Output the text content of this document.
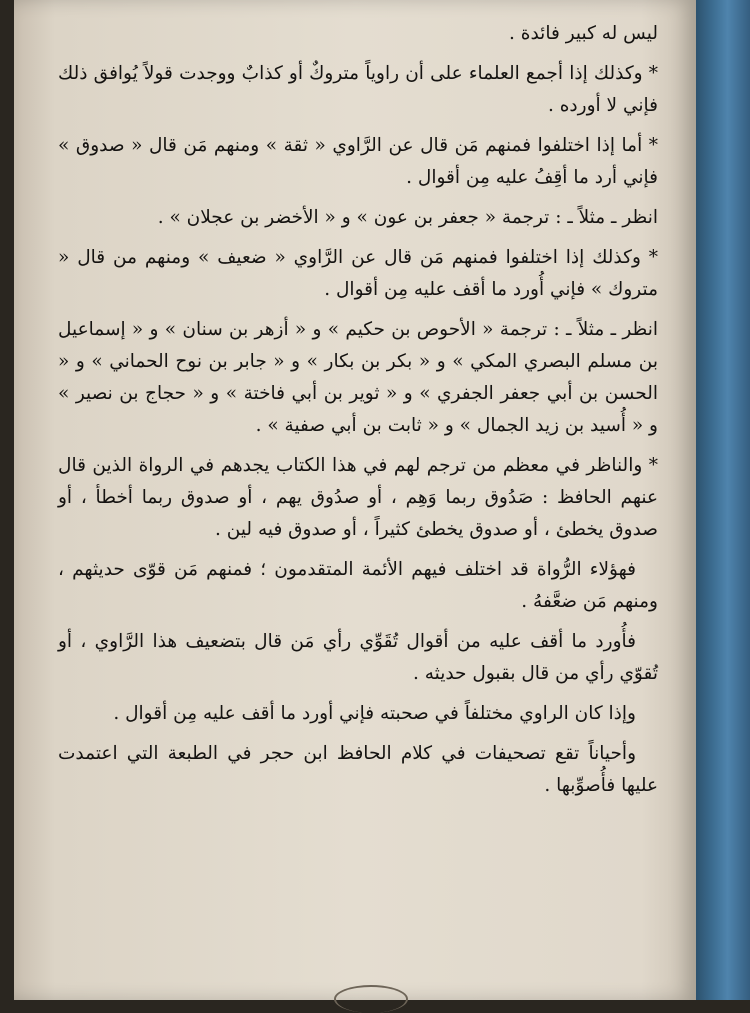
ليس له كبير فائدة .

* وكذلك إذا أجمع العلماء على أن راوياً متروكٌ أو كذابٌ ووجدت قولاً يُوافق ذلك فإني لا أورده .

* أما إذا اختلفوا فمنهم مَن قال عن الرَّاوي « ثقة » ومنهم مَن قال « صدوق » فإني أرد ما أقِفُ عليه مِن أقوال .

انظر ـ مثلاً ـ : ترجمة « جعفر بن عون » و « الأخضر بن عجلان » .

* وكذلك إذا اختلفوا فمنهم مَن قال عن الرَّاوي « ضعيف » ومنهم من قال « متروك » فإني أُورد ما أقف عليه مِن أقوال .

انظر ـ مثلاً ـ : ترجمة « الأحوص بن حكيم » و « أزهر بن سنان » و « إسماعيل بن مسلم البصري المكي » و « بكر بن بكار » و « جابر بن نوح الحماني » و « الحسن بن أبي جعفر الجفري » و « ثوير بن أبي فاختة » و « حجاج بن نصير » و « أُسيد بن زيد الجمال » و « ثابت بن أبي صفية » .

* والناظر في معظم من ترجم لهم في هذا الكتاب يجدهم في الرواة الذين قال عنهم الحافظ : صَدُوق ربما وَهِم ، أو صدُوق يهم ، أو صدوق ربما أخطأ ، أو صدوق يخطئ ، أو صدوق يخطئ كثيراً ، أو صدوق فيه لين .

فهؤلاء الرُّواة قد اختلف فيهم الأئمة المتقدمون ؛ فمنهم مَن قوّى حديثهم ، ومنهم مَن ضعَّفهُ .

فأُورد ما أقف عليه من أقوال تُقَوِّي رأي مَن قال بتضعيف هذا الرَّاوي ، أو تُقوّي رأي من قال بقبول حديثه .

وإذا كان الراوي مختلفاً في صحبته فإني أورد ما أقف عليه مِن أقوال .

وأحياناً تقع تصحيفات في كلام الحافظ ابن حجر في الطبعة التي اعتمدت عليها فأُصوِّبها .
